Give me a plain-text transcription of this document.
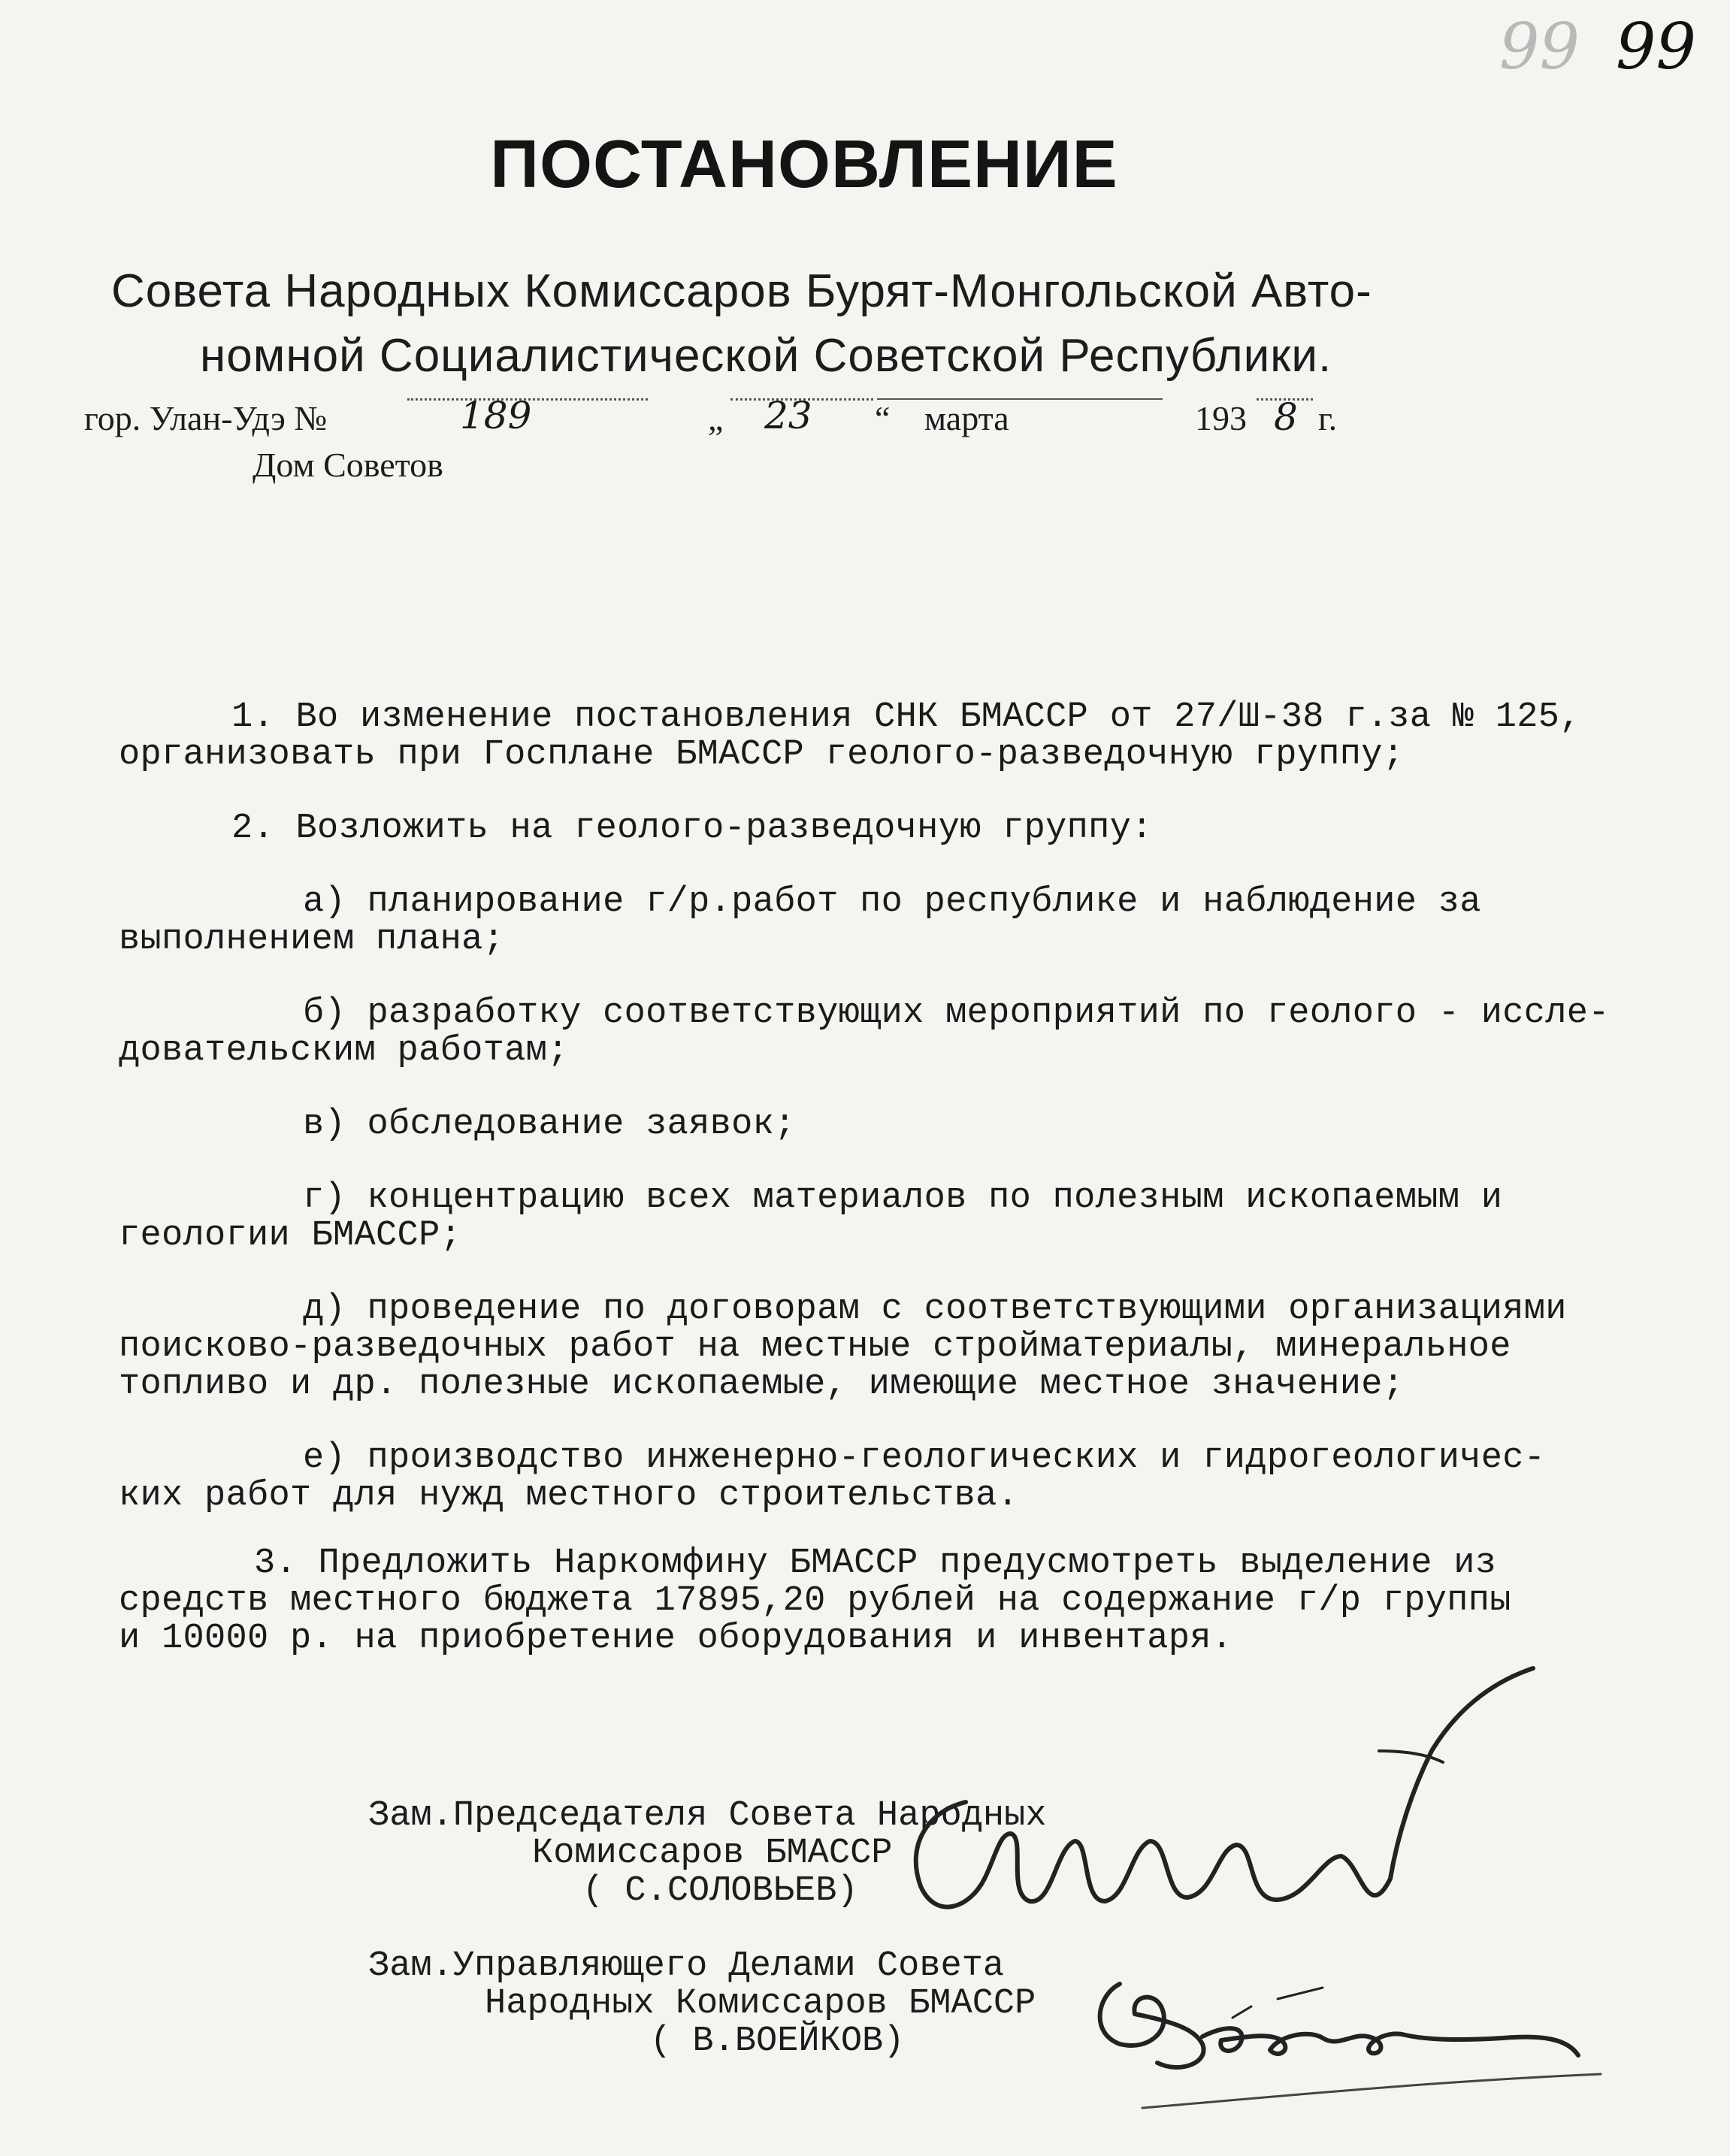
99 99
ПОСТАНОВЛЕНИЕ
Совета Народных Комиссаров Бурят-Монгольской Авто-
номной Социалистической Советской Республики.
гор. Улан-Удэ №	189	„ 23 “ марта	193 8 г.
Дом Советов

1. Во изменение постановления СНК БМАССР от 27/Ш-38 г.за № 125,

организовать при Госплане БМАССР геолого-разведочную группу;

2. Возложить на геолого-разведочную группу:

а) планирование г/р.работ по республике и наблюдение за

выполнением плана;

б) разработку соответствующих мероприятий по геолого - иссле-

довательским работам;

в) обследование заявок;

г) концентрацию всех материалов по полезным ископаемым и

геологии БМАССР;

д) проведение по договорам с соответствующими организациями

поисково-разведочных работ на местные стройматериалы, минеральное

топливо и др. полезные ископаемые, имеющие местное значение;

е) производство инженерно-геологических и гидрогеологичес-

ких работ для нужд местного строительства.

3. Предложить Наркомфину БМАССР предусмотреть выделение из

средств местного бюджета 17895,20 рублей на содержание г/р группы

и 10000 р. на приобретение оборудования и инвентаря.

Зам.Председателя Совета Народных

Комиссаров БМАССР

( С.СОЛОВЬЕВ)

Зам.Управляющего Делами Совета

Народных Комиссаров БМАССР

( В.ВОЕЙКОВ)
